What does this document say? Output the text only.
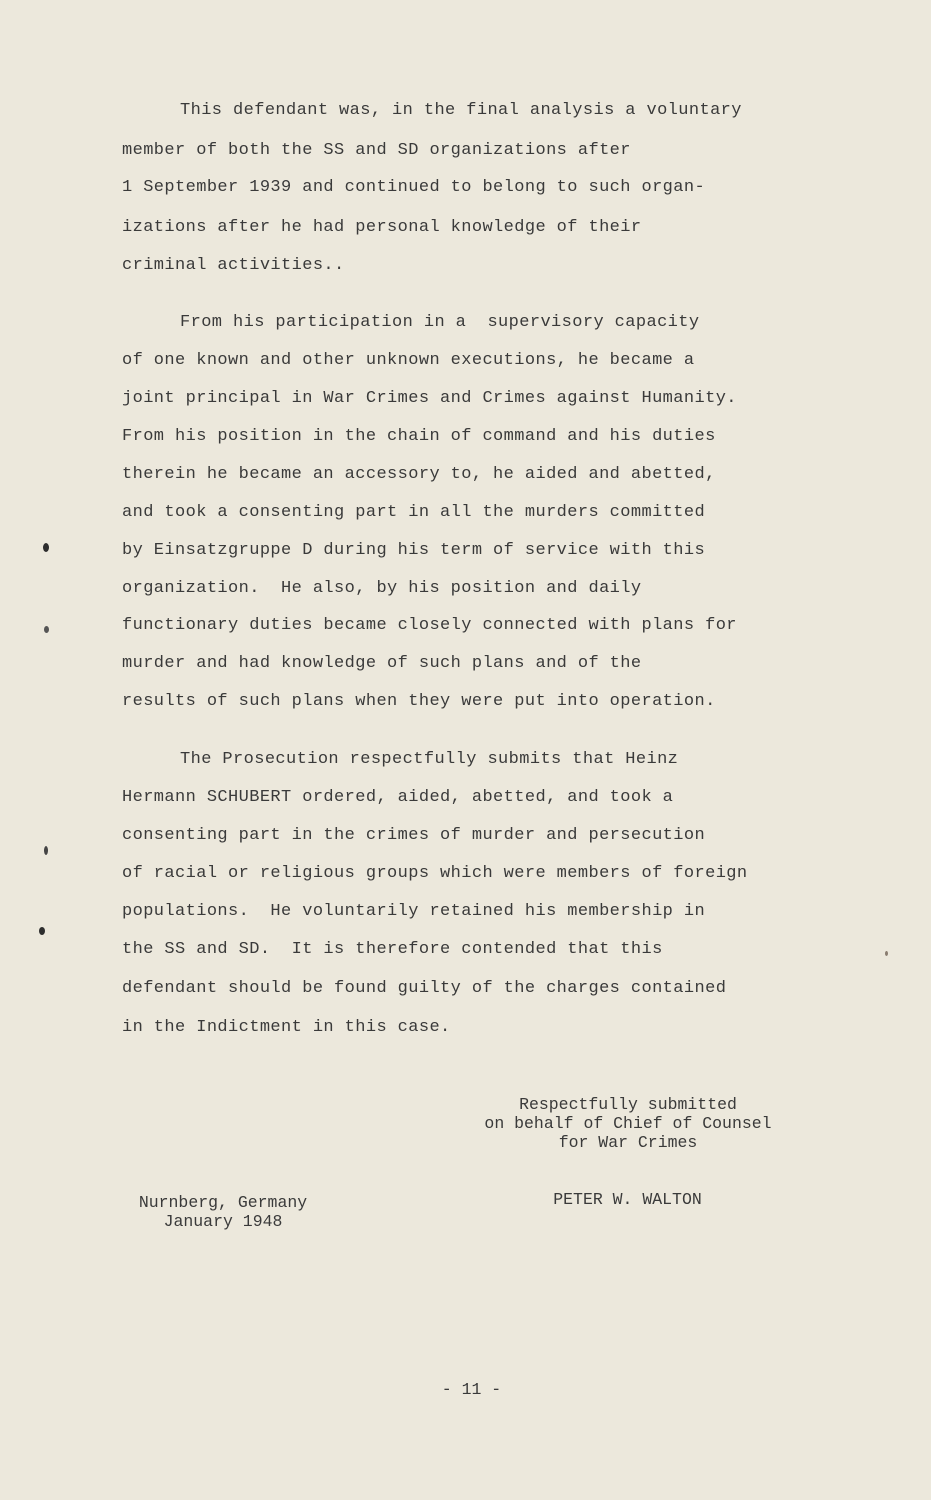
This defendant was, in the final analysis a voluntary
member of both the SS and SD organizations after
1 September 1939 and continued to belong to such organ-
izations after he had personal knowledge of their
criminal activities..
From his participation in a  supervisory capacity
of one known and other unknown executions, he became a
joint principal in War Crimes and Crimes against Humanity.
From his position in the chain of command and his duties
therein he became an accessory to, he aided and abetted,
and took a consenting part in all the murders committed
by Einsatzgruppe D during his term of service with this
organization.  He also, by his position and daily
functionary duties became closely connected with plans for
murder and had knowledge of such plans and of the
results of such plans when they were put into operation.
The Prosecution respectfully submits that Heinz
Hermann SCHUBERT ordered, aided, abetted, and took a
consenting part in the crimes of murder and persecution
of racial or religious groups which were members of foreign
populations.  He voluntarily retained his membership in
the SS and SD.  It is therefore contended that this
defendant should be found guilty of the charges contained
in the Indictment in this case.
Respectfully submitted
on behalf of Chief of Counsel
for War Crimes
Nurnberg, Germany
January 1948
PETER W. WALTON
- 11 -
